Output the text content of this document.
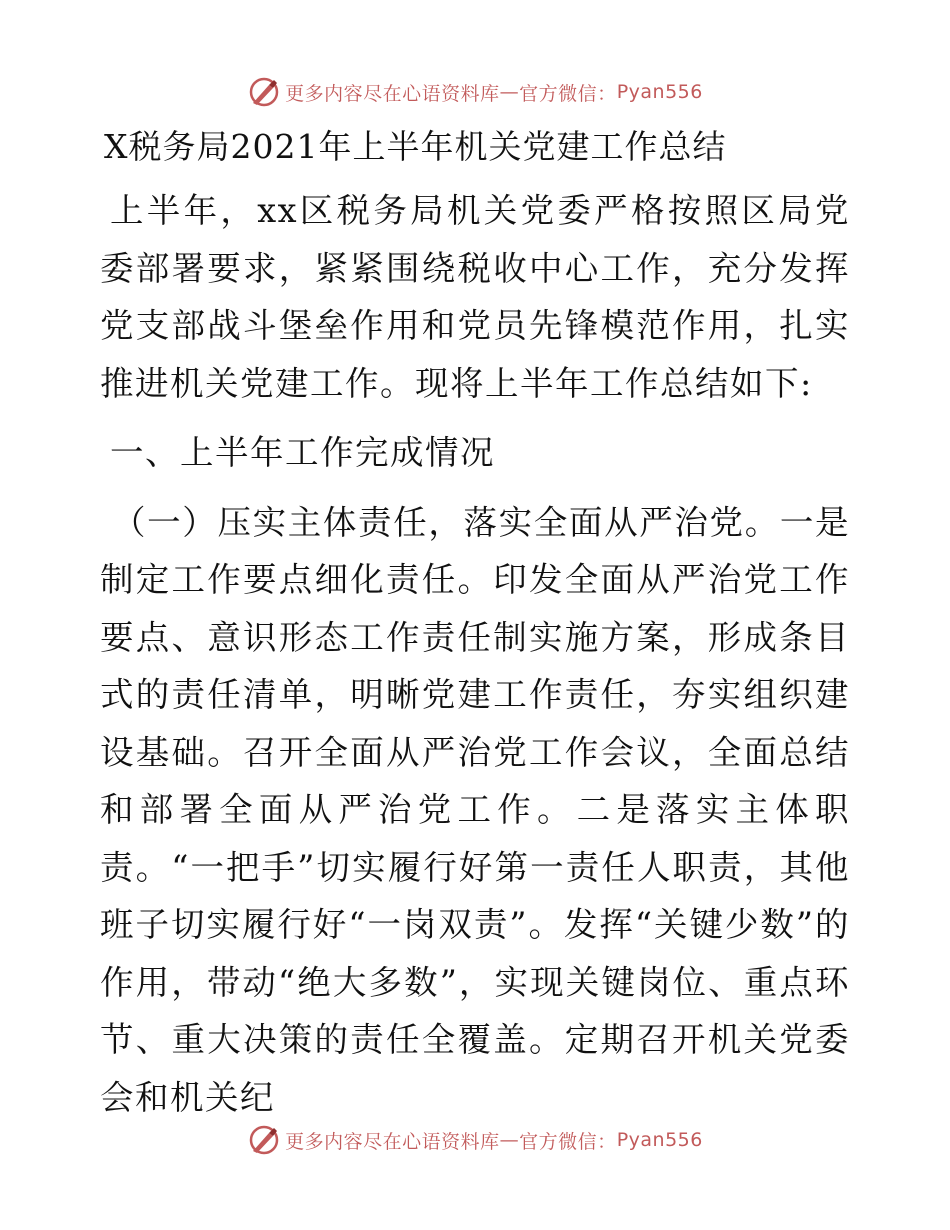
更多内容尽在心语资料库 — 官方微信： Pyan556
X税务局2021年上半年机关党建工作总结

上半年，xx区税务局机关党委严格按照区局党委部署要求，紧紧围绕税收中心工作，充分发挥党支部战斗堡垒作用和党员先锋模范作用，扎实推进机关党建工作。现将上半年工作总结如下:

一、上半年工作完成情况

（一）压实主体责任，落实全面从严治党。一是制定工作要点细化责任。印发全面从严治党工作要点、意识形态工作责任制实施方案，形成条目式的责任清单，明晰党建工作责任，夯实组织建设基础。召开全面从严治党工作会议，全面总结和部署全面从严治党工作。二是落实主体职责。“一把手”切实履行好第一责任人职责，其他班子切实履行好“一岗双责”。发挥“关键少数”的作用，带动“绝大多数”，实现关键岗位、重点环节、重大决策的责任全覆盖。定期召开机关党委会和机关纪

更多内容尽在心语资料库 — 官方微信： Pyan556
